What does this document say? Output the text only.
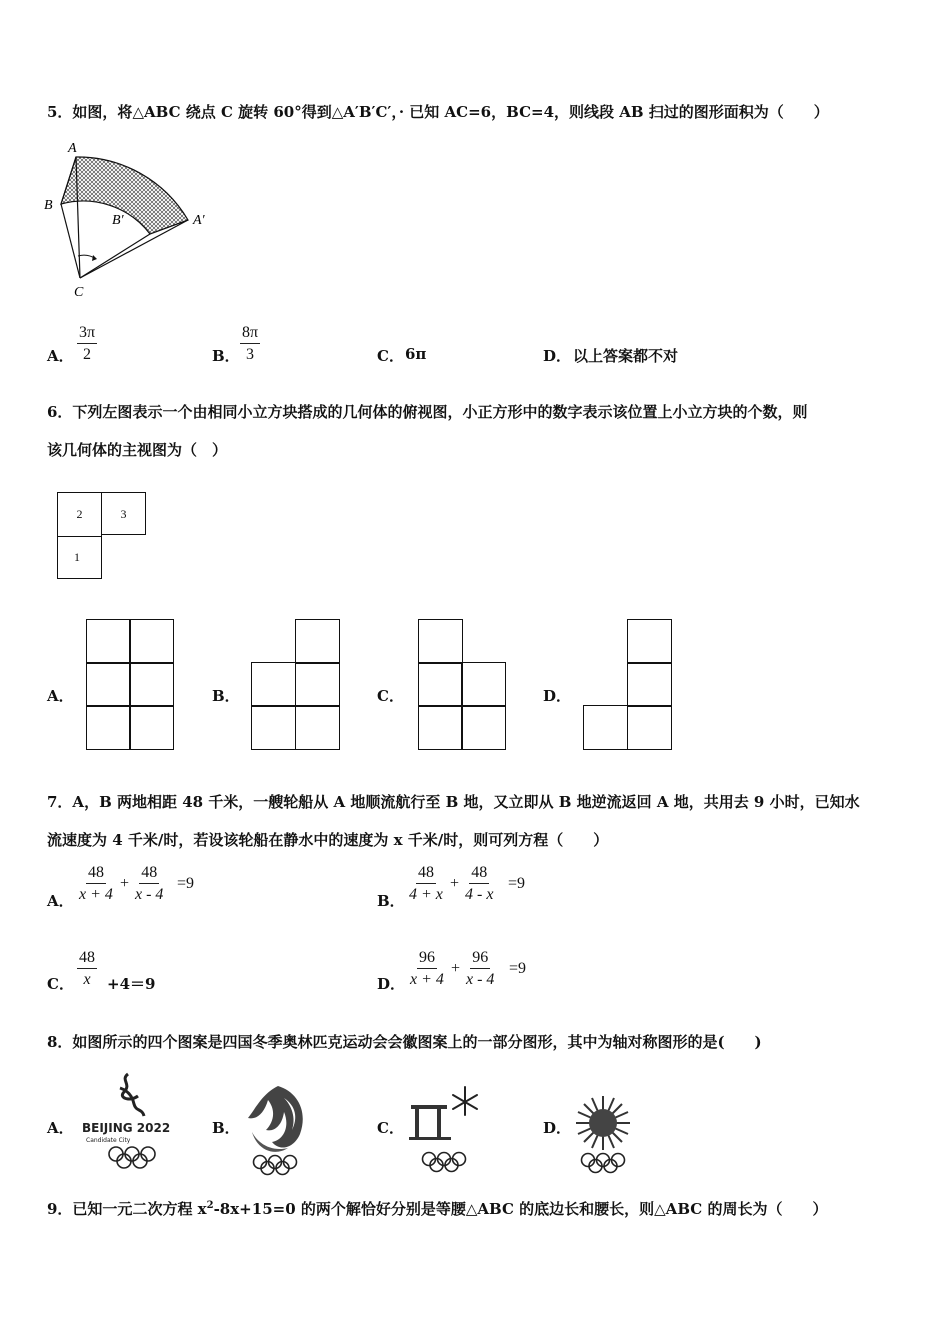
5．如图，将△ABC 绕点 C 旋转 60°得到△A′B′C′，· 已知 AC=6，BC=4，则线段 AB 扫过的图形面积为（　　）
A
B
B′	A′
C
A． $\frac{3\pi}{2}$	B． $\frac{8\pi}{3}$	C． 6π	D． 以上答案都不对
6．下列左图表示一个由相同小立方块搭成的几何体的俯视图，小正方形中的数字表示该位置上小立方块的个数，则
该几何体的主视图为（　）
2	3
1
A．	B．	C．	D．
7．A，B 两地相距 48 千米，一艘轮船从 A 地顺流航行至 B 地，又立即从 B 地逆流返回 A 地，共用去 9 小时，已知水
流速度为 4 千米/时，若设该轮船在静水中的速度为 x 千米/时，则可列方程（　　）
A． $\frac{48}{x + 4} + \frac{48}{x - 4} =9$
B． $\frac{48}{4 + x} + \frac{48}{4 - x} =9$
C． $\frac{48}{x} +4=9$	D． $\frac{96}{x + 4} + \frac{96}{x - 4} =9$
8．如图所示的四个图案是四国冬季奥林匹克运动会会徽图案上的一部分图形，其中为轴对称图形的是(　　)
A． BEIJING 2022
Candidate City
B．	C．	D．
9．已知一元二次方程 $x^2-8x+15=0$ 的两个解恰好分别是等腰△ABC 的底边长和腰长，则△ABC 的周长为（　　）
